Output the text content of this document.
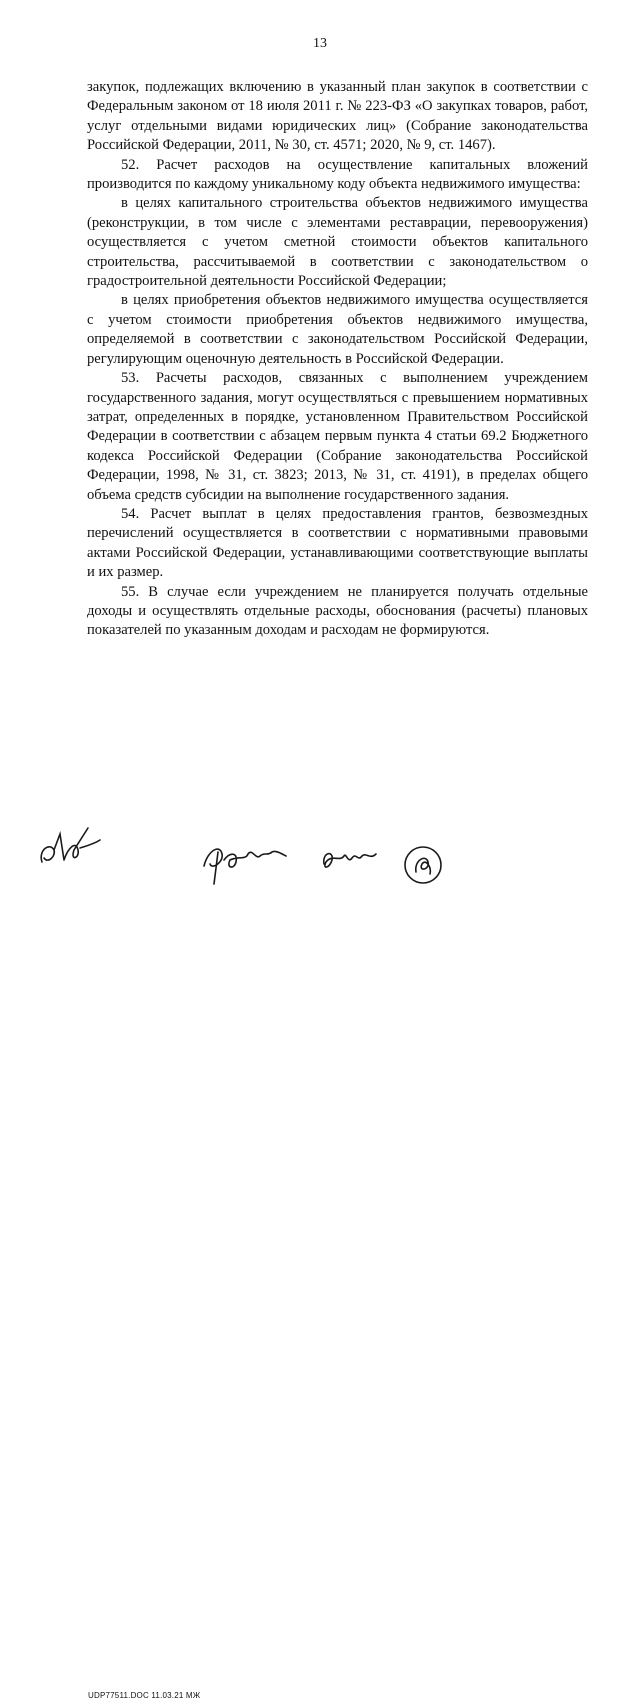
13

закупок, подлежащих включению в указанный план закупок в соответствии с Федеральным законом от 18 июля 2011 г. № 223-ФЗ «О закупках товаров, работ, услуг отдельными видами юридических лиц» (Собрание законодательства Российской Федерации, 2011, № 30, ст. 4571; 2020, № 9, ст. 1467).

52. Расчет расходов на осуществление капитальных вложений производится по каждому уникальному коду объекта недвижимого имущества:

в целях капитального строительства объектов недвижимого имущества (реконструкции, в том числе с элементами реставрации, перевооружения) осуществляется с учетом сметной стоимости объектов капитального строительства, рассчитываемой в соответствии с законодательством о градостроительной деятельности Российской Федерации;

в целях приобретения объектов недвижимого имущества осуществляется с учетом стоимости приобретения объектов недвижимого имущества, определяемой в соответствии с законодательством Российской Федерации, регулирующим оценочную деятельность в Российской Федерации.

53. Расчеты расходов, связанных с выполнением учреждением государственного задания, могут осуществляться с превышением нормативных затрат, определенных в порядке, установленном Правительством Российской Федерации в соответствии с абзацем первым пункта 4 статьи 69.2 Бюджетного кодекса Российской Федерации (Собрание законодательства Российской Федерации, 1998, № 31, ст. 3823; 2013, № 31, ст. 4191), в пределах общего объема средств субсидии на выполнение государственного задания.

54. Расчет выплат в целях предоставления грантов, безвозмездных перечислений осуществляется в соответствии с нормативными правовыми актами Российской Федерации, устанавливающими соответствующие выплаты и их размер.

55. В случае если учреждением не планируется получать отдельные доходы и осуществлять отдельные расходы, обоснования (расчеты) плановых показателей по указанным доходам и расходам не формируются.

UDP77511.DOC 11.03.21 МЖ
